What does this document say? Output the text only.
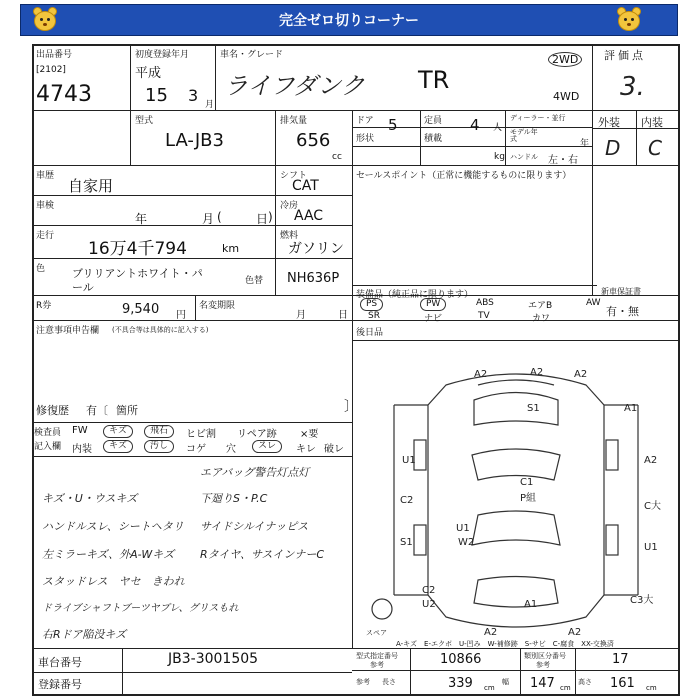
完全ゼロ切りコーナー
出品番号
[2102]
4743
初度登録年月
平成
15 3 月
車名・グレード
ライフダンク TR
2WD
4WD
評価点
3.
外装 内装
D C
型式
LA-JB3
排気量
656
cc
ドア 5	定員 4 人
ディーラー・並行
形状	積載
kg
モデル年式	年
ハンドル 左・右
車歴
自家用
シフト
CAT
セールスポイント（正常に機能するものに限ります）
車検
年	月 (	日 )
冷房
AAC
走行
16万4千794	km
燃料
ガソリン
色 ブリリアントホワイト・パ
ール	色替 NH636P
装備品（純正品に限ります）
PS	PW	ABS	エアB	AW
SR	ナビ	TV	カワ
新車保証書
有・無
R券	9,540 円
名変期限
月	日
注意事項申告欄 (不具合等は具体的に記入する)	後日品
修復歴 有〔 箇所	〕
検査員
記入欄
FW	キズ	飛石	ヒビ割 リペア跡 ×要
内装	キズ	汚し	コゲ 穴	スレ	キレ 破レ
エアバッグ警告灯点灯
キズ・U・ウスキズ	下廻りS・P.C
ハンドルスレ、シートヘタリ サイドシルイナッピス
左ミラーキズ、外A-Wキズ Rタイヤ、サスインナーC
スタッドレス　ヤセ　きわれ
ドライブシャフトブーツヤブレ、グリスもれ
右Rドア陥没キズ
A2	A2	A2
S1	A1
U1
C2
S1
C2
U2
A2
C大
U1
C3大
C1
P組
U1
W2
A1
A2	A2
スペア
A-キズ　E-エクボ　U-凹み　W-補修跡　S-サビ　C-腐食　XX-交換済
車台番号	JB3-3001505
登録番号
型式指定番号
参考	10866	類別区分番号
参考	17
参考 長さ	339 cm
幅 147 cm
高さ 161 cm
